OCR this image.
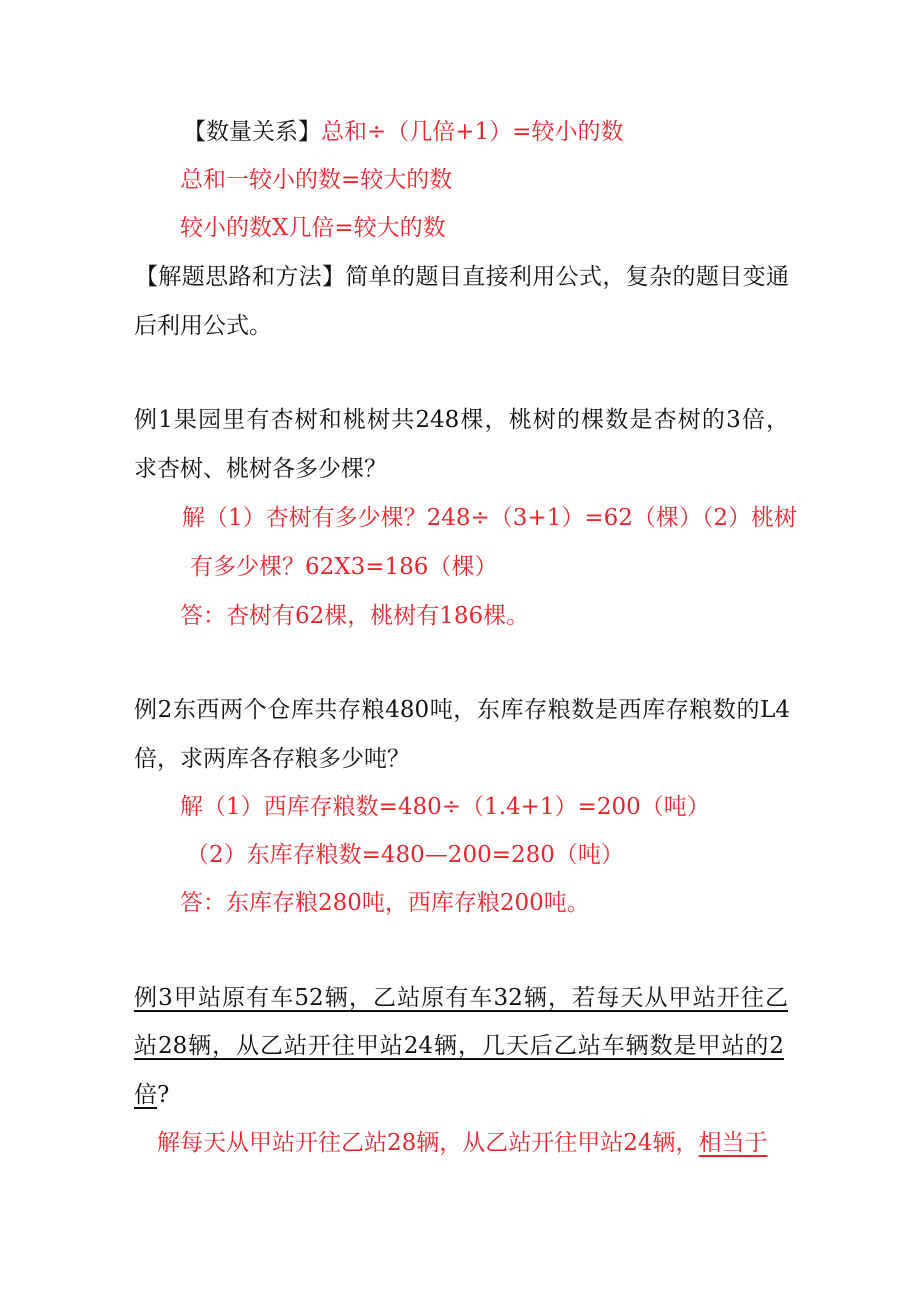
【数量关系】总和÷（几倍+1）=较小的数
总和一较小的数=较大的数
较小的数X几倍=较大的数
【解题思路和方法】简单的题目直接利用公式，复杂的题目变通
后利用公式。
例1果园里有杏树和桃树共248棵，桃树的棵数是杏树的3倍，
求杏树、桃树各多少棵？
解（1）杏树有多少棵？248÷（3+1）=62（棵）（2）桃树
有多少棵？62X3=186（棵）
答：杏树有62棵，桃树有186棵。
例2东西两个仓库共存粮480吨，东库存粮数是西库存粮数的L4
倍，求两库各存粮多少吨？
解（1）西库存粮数=480÷（1.4+1）=200（吨）
（2）东库存粮数=480—200=280（吨）
答：东库存粮280吨，西库存粮200吨。
例3甲站原有车52辆，乙站原有车32辆，若每天从甲站开往乙
站28辆，从乙站开往甲站24辆，几天后乙站车辆数是甲站的2
倍?
解每天从甲站开往乙站28辆，从乙站开往甲站24辆，相当于
